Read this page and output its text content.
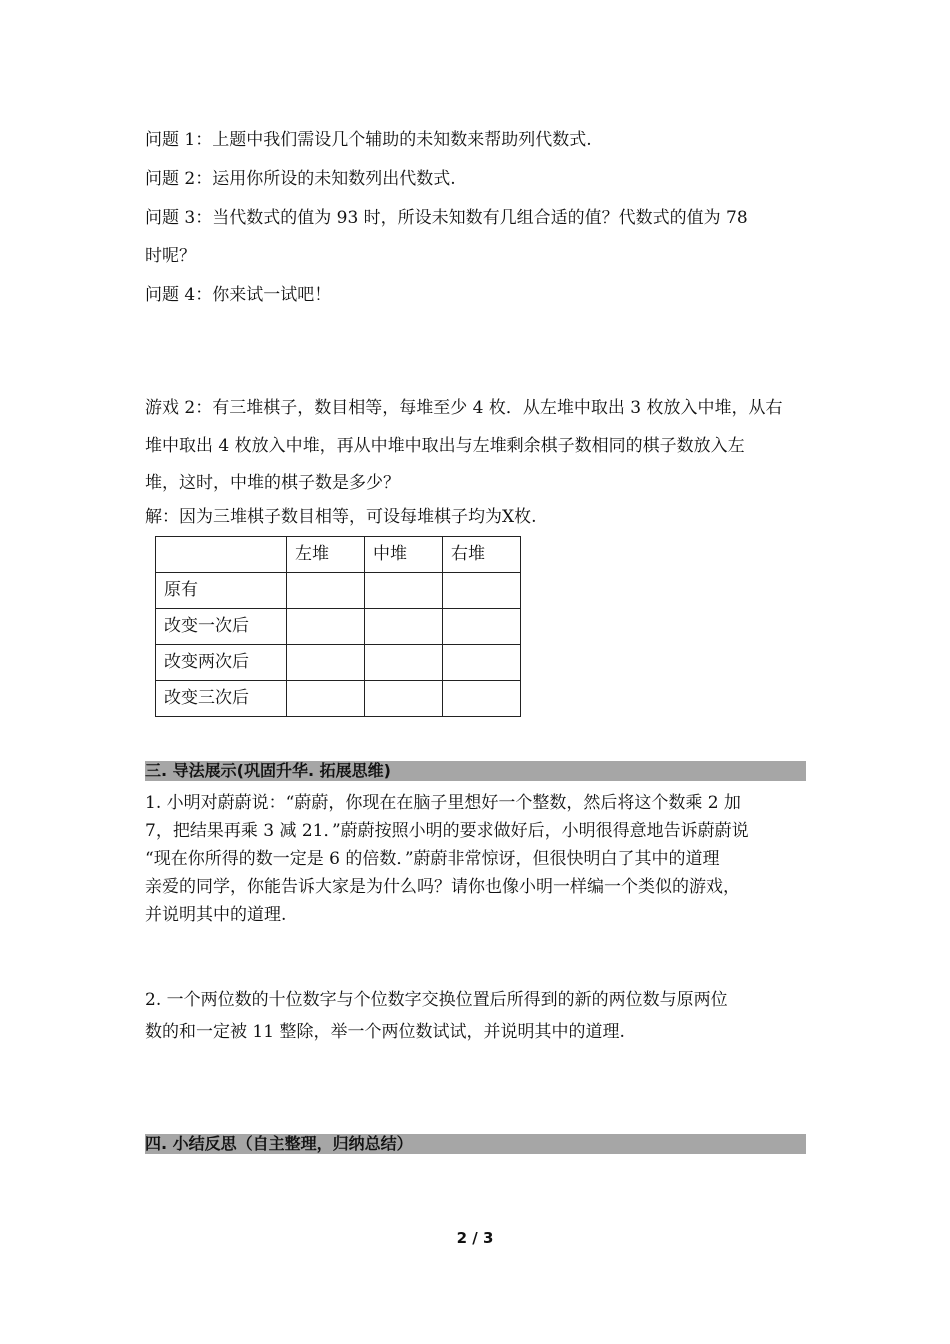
问题 1：上题中我们需设几个辅助的未知数来帮助列代数式.
问题 2：运用你所设的未知数列出代数式.
问题 3：当代数式的值为 93 时，所设未知数有几组合适的值？代数式的值为 78
时呢？
问题 4：你来试一试吧！
游戏 2：有三堆棋子，数目相等，每堆至少 4 枚．从左堆中取出 3 枚放入中堆，从右
堆中取出 4 枚放入中堆，再从中堆中取出与左堆剩余棋子数相同的棋子数放入左
堆，这时，中堆的棋子数是多少？
解：因为三堆棋子数目相等，可设每堆棋子均为X枚.
	左堆	中堆	右堆
原有			
改变一次后			
改变两次后			
改变三次后			
三. 导法展示(巩固升华. 拓展思维)
1. 小明对蔚蔚说：“蔚蔚，你现在在脑子里想好一个整数，然后将这个数乘 2 加
7，把结果再乘 3 减 21．”蔚蔚按照小明的要求做好后，小明很得意地告诉蔚蔚说
“现在你所得的数一定是 6 的倍数．”蔚蔚非常惊讶，但很快明白了其中的道理
亲爱的同学，你能告诉大家是为什么吗？请你也像小明一样编一个类似的游戏，
并说明其中的道理.
2. 一个两位数的十位数字与个位数字交换位置后所得到的新的两位数与原两位
数的和一定被 11 整除，举一个两位数试试，并说明其中的道理.
四. 小结反思（自主整理，归纳总结）
2 / 3
